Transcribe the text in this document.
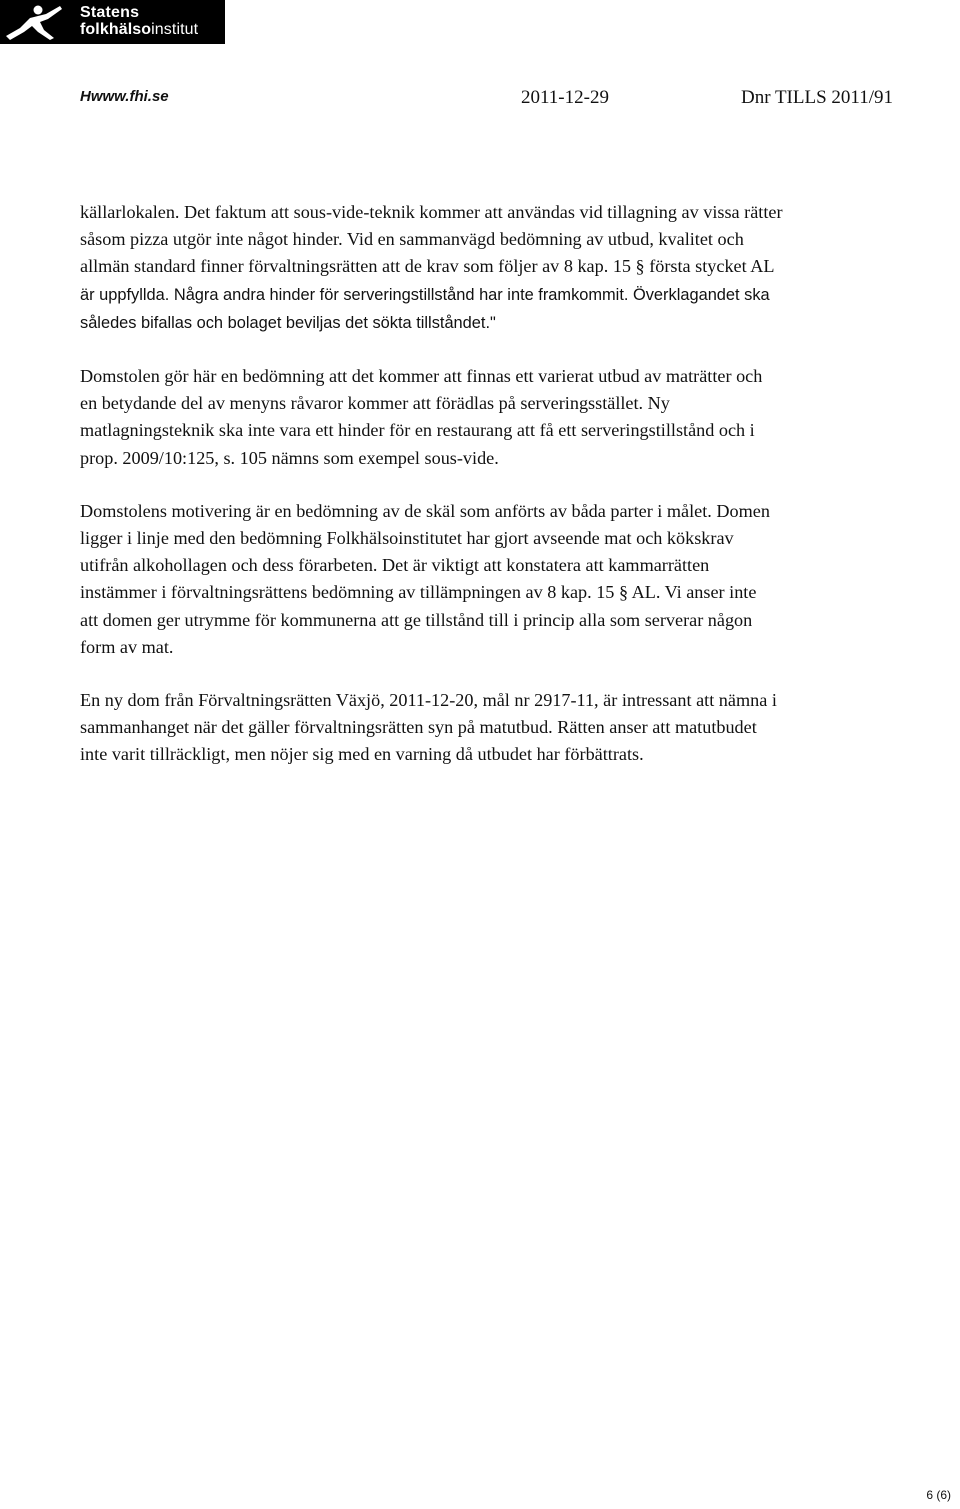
Statens
folkhälsoinstitut
Hwww.fhi.se	2011-12-29	Dnr TILLS 2011/91

källarlokalen. Det faktum att sous-vide-teknik kommer att användas vid tillagning av vissa rätter
såsom pizza utgör inte något hinder. Vid en sammanvägd bedömning av utbud, kvalitet och
allmän standard finner förvaltningsrätten att de krav som följer av 8 kap. 15 § första stycket AL
är uppfyllda. Några andra hinder för serveringstillstånd har inte framkommit. Överklagandet ska
således bifallas och bolaget beviljas det sökta tillståndet."

Domstolen gör här en bedömning att det kommer att finnas ett varierat utbud av maträtter och
en betydande del av menyns råvaror kommer att förädlas på serveringsstället. Ny
matlagningsteknik ska inte vara ett hinder för en restaurang att få ett serveringstillstånd och i
prop. 2009/10:125, s. 105 nämns som exempel sous-vide.

Domstolens motivering är en bedömning av de skäl som anförts av båda parter i målet. Domen
ligger i linje med den bedömning Folkhälsoinstitutet har gjort avseende mat och kökskrav
utifrån alkohollagen och dess förarbeten. Det är viktigt att konstatera att kammarrätten
instämmer i förvaltningsrättens bedömning av tillämpningen av 8 kap. 15 § AL. Vi anser inte
att domen ger utrymme för kommunerna att ge tillstånd till i princip alla som serverar någon
form av mat.

En ny dom från Förvaltningsrätten Växjö, 2011-12-20, mål nr 2917-11, är intressant att nämna i
sammanhanget när det gäller förvaltningsrätten syn på matutbud. Rätten anser att matutbudet
inte varit tillräckligt, men nöjer sig med en varning då utbudet har förbättrats.

6 (6)
